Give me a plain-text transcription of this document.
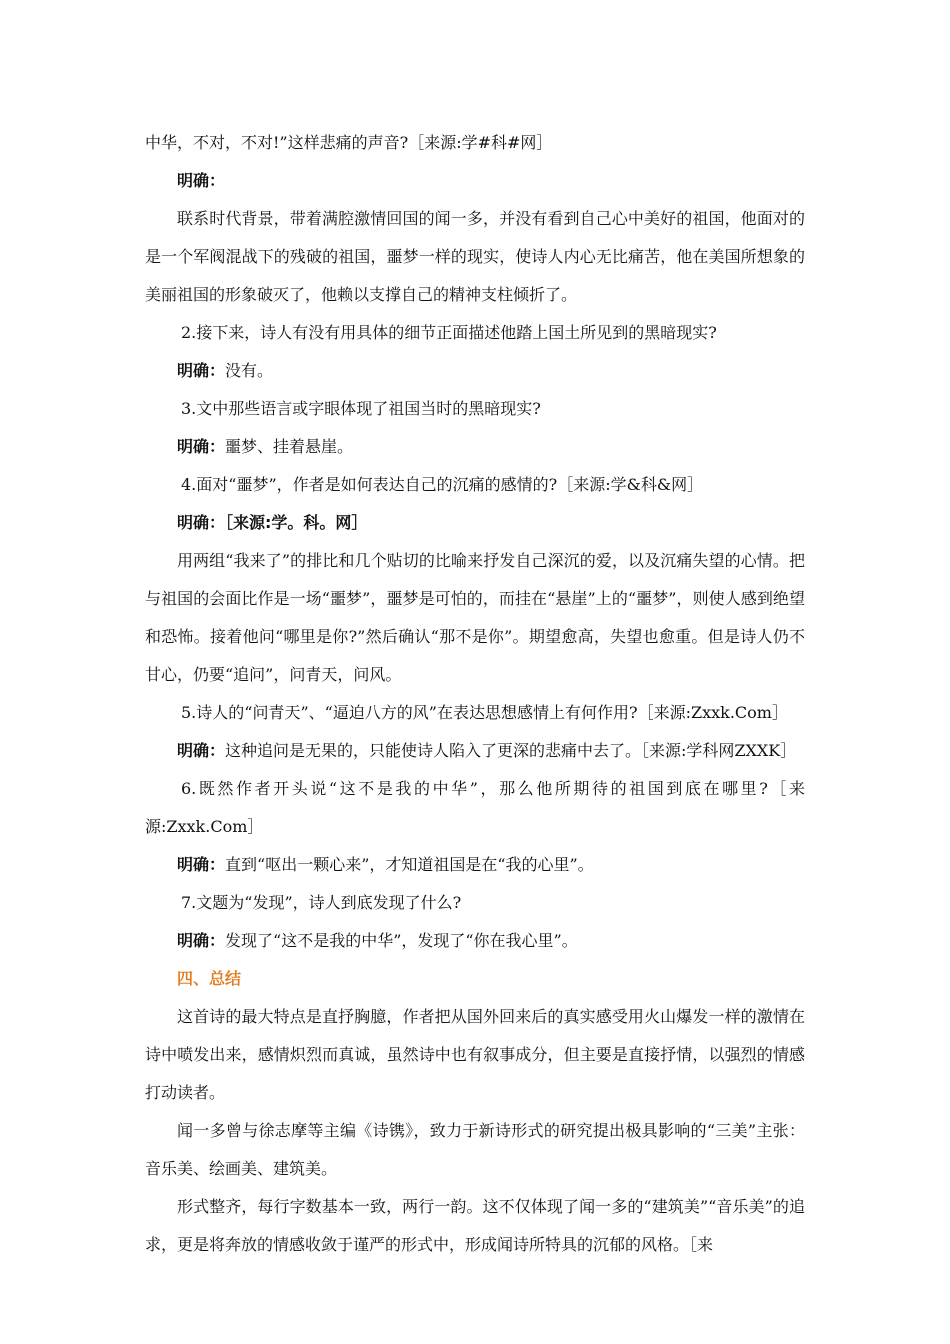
中华，不对，不对!”这样悲痛的声音?［来源:学#科#网］

明确：

联系时代背景，带着满腔激情回国的闻一多，并没有看到自己心中美好的祖国，他面对的是一个军阀混战下的残破的祖国，噩梦一样的现实，使诗人内心无比痛苦，他在美国所想象的美丽祖国的形象破灭了，他赖以支撑自己的精神支柱倾折了。

2.接下来，诗人有没有用具体的细节正面描述他踏上国土所见到的黑暗现实?

明确：没有。

3.文中那些语言或字眼体现了祖国当时的黑暗现实?

明确：噩梦、挂着悬崖。

4.面对“噩梦”，作者是如何表达自己的沉痛的感情的?［来源:学&科&网］

明确：［来源:学。科。网］

用两组“我来了”的排比和几个贴切的比喻来抒发自己深沉的爱，以及沉痛失望的心情。把与祖国的会面比作是一场“噩梦”，噩梦是可怕的，而挂在“悬崖”上的“噩梦”，则使人感到绝望和恐怖。接着他问“哪里是你?”然后确认“那不是你”。期望愈高，失望也愈重。但是诗人仍不甘心，仍要“追问”，问青天，问风。

5.诗人的“问青天”、“逼迫八方的风”在表达思想感情上有何作用?［来源:Zxxk.Com］

明确：这种追问是无果的，只能使诗人陷入了更深的悲痛中去了。［来源:学科网ZXXK］

6.既然作者开头说“这不是我的中华”，那么他所期待的祖国到底在哪里?［来源:Zxxk.Com］

明确：直到“呕出一颗心来”，才知道祖国是在“我的心里”。

7.文题为“发现”，诗人到底发现了什么?

明确：发现了“这不是我的中华”，发现了“你在我心里”。

四、总结

这首诗的最大特点是直抒胸臆，作者把从国外回来后的真实感受用火山爆发一样的激情在诗中喷发出来，感情炽烈而真诚，虽然诗中也有叙事成分，但主要是直接抒情，以强烈的情感打动读者。

闻一多曾与徐志摩等主编《诗镌》，致力于新诗形式的研究提出极具影响的“三美”主张：音乐美、绘画美、建筑美。

形式整齐，每行字数基本一致，两行一韵。这不仅体现了闻一多的“建筑美”“音乐美”的追求，更是将奔放的情感收敛于谨严的形式中，形成闻诗所特具的沉郁的风格。［来
